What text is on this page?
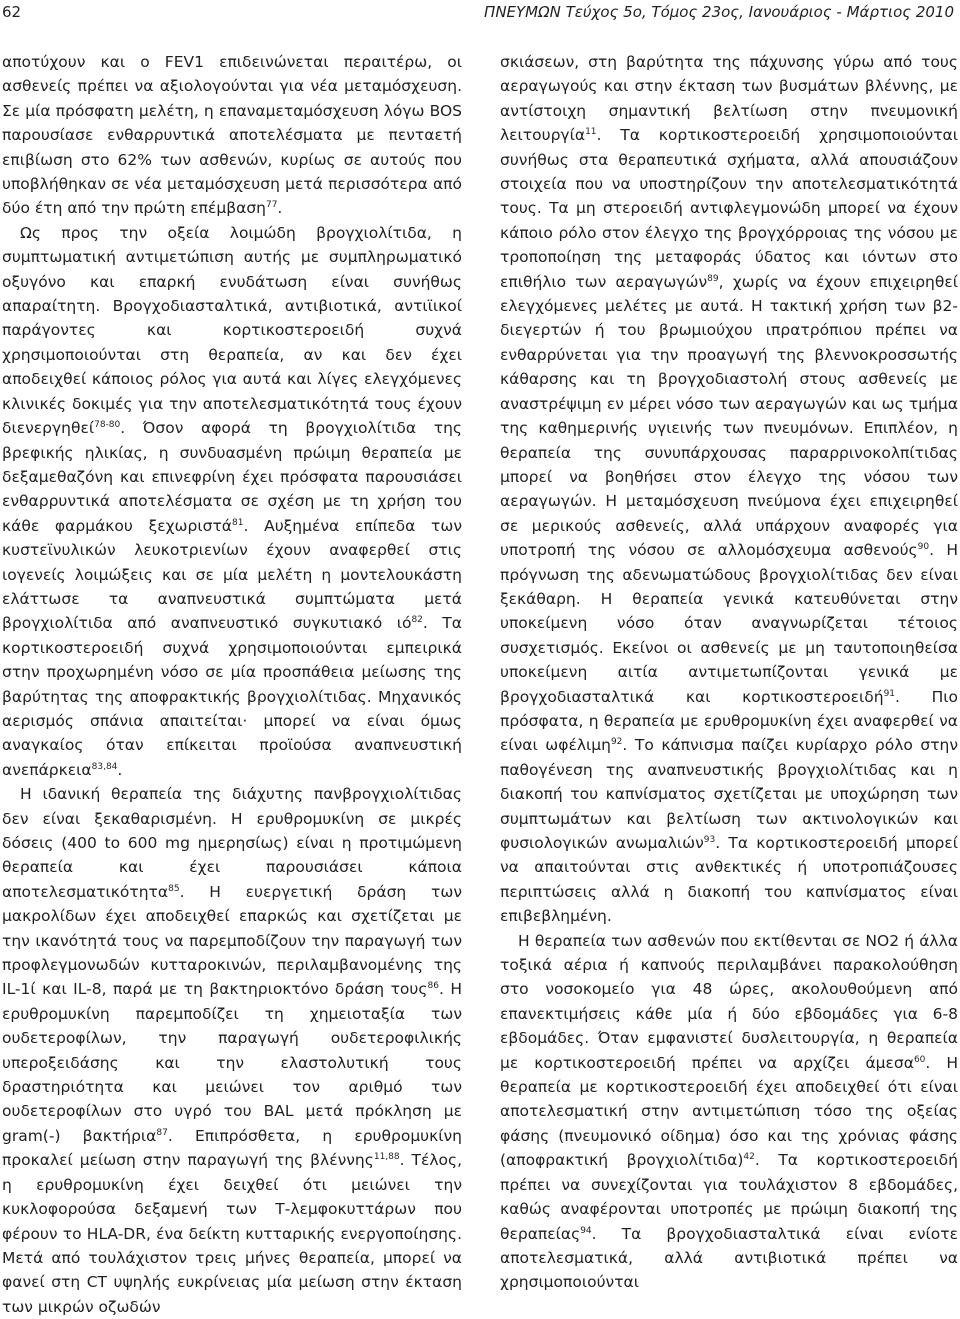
62	ΠΝΕΥΜΩΝ Τεύχος 5ο, Τόμος 23ος, Ιανουάριος - Μάρτιος 2010

αποτύχουν και ο FEV1 επιδεινώνεται περαιτέρω, οι ασθενείς πρέπει να αξιολογούνται για νέα μεταμόσχευση. Σε μία πρόσφατη μελέτη, η επαναμεταμόσχευση λόγω BOS παρουσίασε ενθαρρυντικά αποτελέσματα με πενταετή επιβίωση στο 62% των ασθενών, κυρίως σε αυτούς που υποβλήθηκαν σε νέα μεταμόσχευση μετά περισσότερα από δύο έτη από την πρώτη επέμβαση$^{77}$.

Ως προς την οξεία λοιμώδη βρογχιολίτιδα, η συμπτωματική αντιμετώπιση αυτής με συμπληρωματικό οξυγόνο και επαρκή ενυδάτωση είναι συνήθως απαραίτητη. Βρογχοδιασταλτικά, αντιβιοτικά, αντιϊικοί παράγοντες και κορτικοστεροειδή συχνά χρησιμοποιούνται στη θεραπεία, αν και δεν έχει αποδειχθεί κάποιος ρόλος για αυτά και λίγες ελεγχόμενες κλινικές δοκιμές για την αποτελεσματικότητά τους έχουν διενεργηθεί$^{78-80}$. Όσον αφορά τη βρογχιολίτιδα της βρεφικής ηλικίας, η συνδυασμένη πρώιμη θεραπεία με δεξαμεθαζόνη και επινεφρίνη έχει πρόσφατα παρουσιάσει ενθαρρυντικά αποτελέσματα σε σχέση με τη χρήση του κάθε φαρμάκου ξεχωριστά$^{81}$. Αυξημένα επίπεδα των κυστεϊνυλικών λευκοτριενίων έχουν αναφερθεί στις ιογενείς λοιμώξεις και σε μία μελέτη η μοντελουκάστη ελάττωσε τα αναπνευστικά συμπτώματα μετά βρογχιολίτιδα από αναπνευστικό συγκυτιακό $\iota ό^{82}$. Τα κορτικοστεροειδή συχνά χρησιμοποιούνται εμπειρικά στην προχωρημένη νόσο σε μία προσπάθεια μείωσης της βαρύτητας της αποφρακτικής βρογχιολίτιδας. Μηχανικός αερισμός σπάνια απαιτείται· μπορεί να είναι όμως αναγκαίος όταν επίκειται προϊούσα αναπνευστική ανεπάρκεια$^{83,84}$.

Η ιδανική θεραπεία της διάχυτης πανβρογχιολίτιδας δεν είναι ξεκαθαρισμένη. Η ερυθρομυκίνη σε μικρές δόσεις (400 to 600 mg ημερησίως) είναι η προτιμώμενη θεραπεία και έχει παρουσιάσει κάποια αποτελεσματικότητα$^{85}$. Η ευεργετική δράση των μακρολίδων έχει αποδειχθεί επαρκώς και σχετίζεται με την ικανότητά τους να παρεμποδίζουν την παραγωγή των προφλεγμονωδών κυτταροκινών, περιλαμβανομένης της IL-1ί και IL-8, παρά με τη βακτηριοκτόνο δράση τους$^{86}$. Η ερυθρομυκίνη παρεμποδίζει τη χημειοταξία των ουδετεροφίλων, την παραγωγή ουδετεροφιλικής υπεροξειδάσης και την ελαστολυτική τους δραστηριότητα και μειώνει τον αριθμό των ουδετεροφίλων στο υγρό του BAL μετά πρόκληση με gram(-) βακτήρια$^{87}$. Επιπρόσθετα, η ερυθρομυκίνη προκαλεί μείωση στην παραγωγή της βλέννης$^{11,88}$. Τέλος, η ερυθρομυκίνη έχει δειχθεί ότι μειώνει την κυκλοφορούσα δεξαμενή των Τ-λεμφοκυττάρων που φέρουν το HLA-DR, ένα δείκτη κυτταρικής ενεργοποίησης. Μετά από τουλάχιστον τρεις μήνες θεραπεία, μπορεί να φανεί στη CT υψηλής ευκρίνειας μία μείωση στην έκταση των μικρών οζωδών

σκιάσεων, στη βαρύτητα της πάχυνσης γύρω από τους αεραγωγούς και στην έκταση των βυσμάτων βλέννης, με αντίστοιχη σημαντική βελτίωση στην πνευμονική λειτουργία$^{11}$. Τα κορτικοστεροειδή χρησιμοποιούνται συνήθως στα θεραπευτικά σχήματα, αλλά απουσιάζουν στοιχεία που να υποστηρίζουν την αποτελεσματικότητά τους. Τα μη στεροειδή αντιφλεγμονώδη μπορεί να έχουν κάποιο ρόλο στον έλεγχο της βρογχόρροιας της νόσου με τροποποίηση της μεταφοράς ύδατος και ιόντων στο επιθήλιο των αεραγωγών$^{89}$, χωρίς να έχουν επιχειρηθεί ελεγχόμενες μελέτες με αυτά. Η τακτική χρήση των β2-διεγερτών ή του βρωμιούχου ιπρατρόπιου πρέπει να ενθαρρύνεται για την προαγωγή της βλεννοκροσσωτής κάθαρσης και τη βρογχοδιαστολή στους ασθενείς με αναστρέψιμη εν μέρει νόσο των αεραγωγών και ως τμήμα της καθημερινής υγιεινής των πνευμόνων. Επιπλέον, η θεραπεία της συνυπάρχουσας παραρρινοκολπίτιδας μπορεί να βοηθήσει στον έλεγχο της νόσου των αεραγωγών. Η μεταμόσχευση πνεύμονα έχει επιχειρηθεί σε μερικούς ασθενείς, αλλά υπάρχουν αναφορές για υποτροπή της νόσου σε αλλομόσχευμα ασθενούς$^{90}$. Η πρόγνωση της αδενωματώδους βρογχιολίτιδας δεν είναι ξεκάθαρη. Η θεραπεία γενικά κατευθύνεται στην υποκείμενη νόσο όταν αναγνωρίζεται τέτοιος συσχετισμός. Εκείνοι οι ασθενείς με μη ταυτοποιηθείσα υποκείμενη αιτία αντιμετωπίζονται γενικά με βρογχοδιασταλτικά και κορτικοστεροειδή$^{91}$. Πιο πρόσφατα, η θεραπεία με ερυθρομυκίνη έχει αναφερθεί να είναι ωφέλιμη$^{92}$. Το κάπνισμα παίζει κυρίαρχο ρόλο στην παθογένεση της αναπνευστικής βρογχιολίτιδας και η διακοπή του καπνίσματος σχετίζεται με υποχώρηση των συμπτωμάτων και βελτίωση των ακτινολογικών και φυσιολογικών ανωμαλιών$^{93}$. Τα κορτικοστεροειδή μπορεί να απαιτούνται στις ανθεκτικές ή υποτροπιάζουσες περιπτώσεις αλλά η διακοπή του καπνίσματος είναι επιβεβλημένη.

Η θεραπεία των ασθενών που εκτίθενται σε NO2 ή άλλα τοξικά αέρια ή καπνούς περιλαμβάνει παρακολούθηση στο νοσοκομείο για 48 ώρες, ακολουθούμενη από επανεκτιμήσεις κάθε μία ή δύο εβδομάδες για 6-8 εβδομάδες. Όταν εμφανιστεί δυσλειτουργία, η θεραπεία με κορτικοστεροειδή πρέπει να αρχίζει άμεσα$^{60}$. Η θεραπεία με κορτικοστεροειδή έχει αποδειχθεί ότι είναι αποτελεσματική στην αντιμετώπιση τόσο της οξείας φάσης (πνευμονικό οίδημα) όσο και της χρόνιας φάσης (αποφρακτική βρογχιολίτιδα)$^{42}$. Τα κορτικοστεροειδή πρέπει να συνεχίζονται για τουλάχιστον 8 εβδομάδες, καθώς αναφέρονται υποτροπές με πρώιμη διακοπή της θεραπείας$^{94}$. Τα βρογχοδιασταλτικά είναι ενίοτε αποτελεσματικά, αλλά αντιβιοτικά πρέπει να χρησιμοποιούνται
